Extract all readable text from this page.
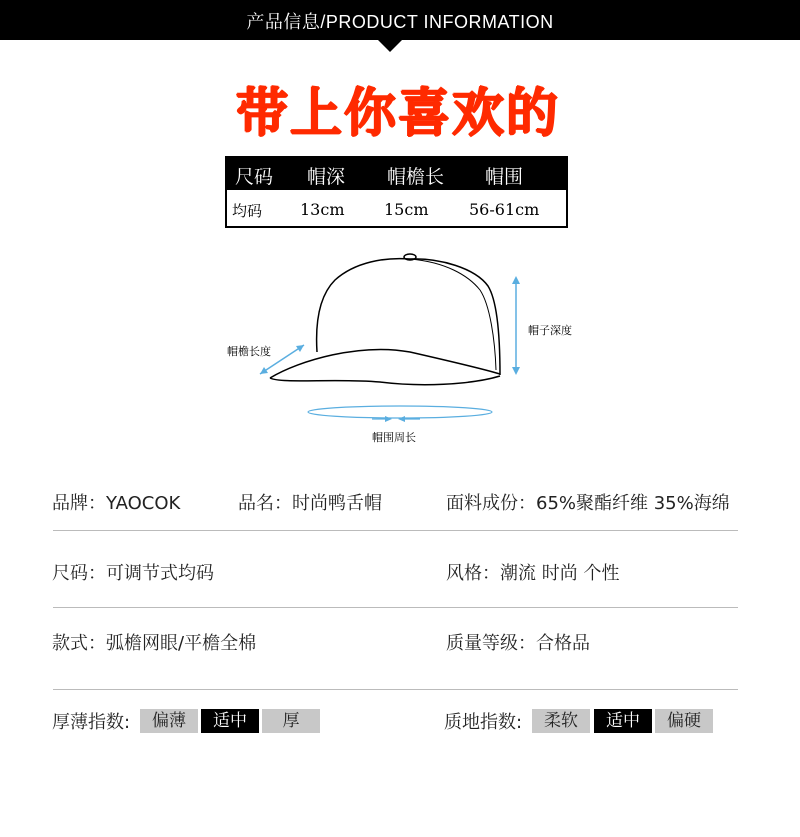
产品信息/PRODUCT INFORMATION
带上你喜欢的
尺码 帽深 帽檐长 帽围
均码 13cm 15cm	56-61cm
帽檐长度
帽子深度
帽围周长
品牌：YAOCOK	品名：时尚鸭舌帽	面料成份：65%聚酯纤维 35%海绵
尺码：可调节式均码	风格：潮流 时尚 个性
款式：弧檐网眼/平檐全棉	质量等级：合格品
厚薄指数:	偏薄	适中	厚	质地指数:	柔软	适中	偏硬
